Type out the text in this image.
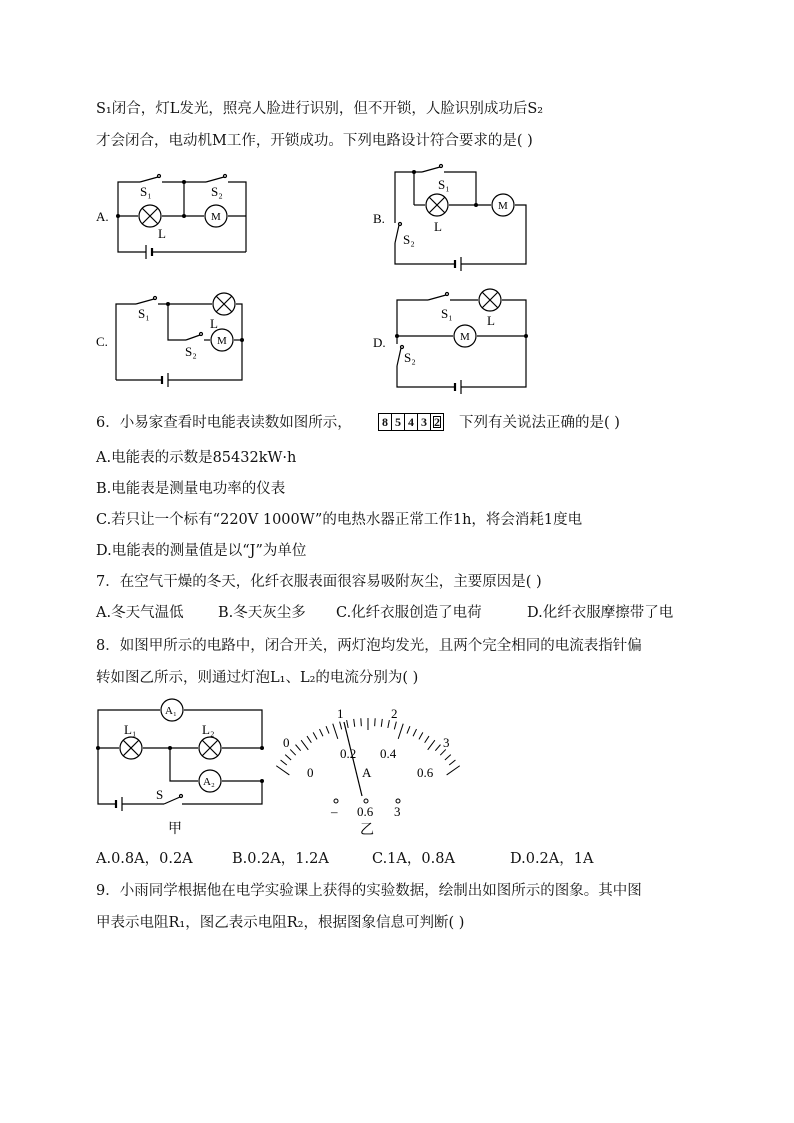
S₁闭合，灯L发光，照亮人脸进行识别，但不开锁，人脸识别成功后S₂
才会闭合，电动机M工作，开锁成功。下列电路设计符合要求的是( )
A.
S₁	S₂
L
M	B.
S₁
S₂
L
M
C.
S₁
S₂
L
M	D.
S₁
S₂
L
M
6．小易家查看时电能表读数如图所示，	8 5 4 3 2 下列有关说法正确的是( )
A.电能表的示数是85432kW·h
B.电能表是测量电功率的仪表
C.若只让一个标有“220V 1000W”的电热水器正常工作1h，将会消耗1度电
D.电能表的测量值是以“J”为单位
7．在空气干燥的冬天，化纤衣服表面很容易吸附灰尘，主要原因是( )
A.冬天气温低 B.冬天灰尘多 C.化纤衣服创造了电荷	D.化纤衣服摩擦带了电
8．如图甲所示的电路中，闭合开关，两灯泡均发光，且两个完全相同的电流表指针偏
转如图乙所示，则通过灯泡L₁、L₂的电流分别为( )
A₁
A₂
L₁	L₂
S
甲
0
1	2
3
0
0.2 0.4
0.6
A
– 0.6 3
乙
A.0.8A，0.2A	B.0.2A，1.2A	C.1A，0.8A	D.0.2A，1A
9．小雨同学根据他在电学实验课上获得的实验数据，绘制出如图所示的图象。其中图
甲表示电阻R₁，图乙表示电阻R₂，根据图象信息可判断( )
